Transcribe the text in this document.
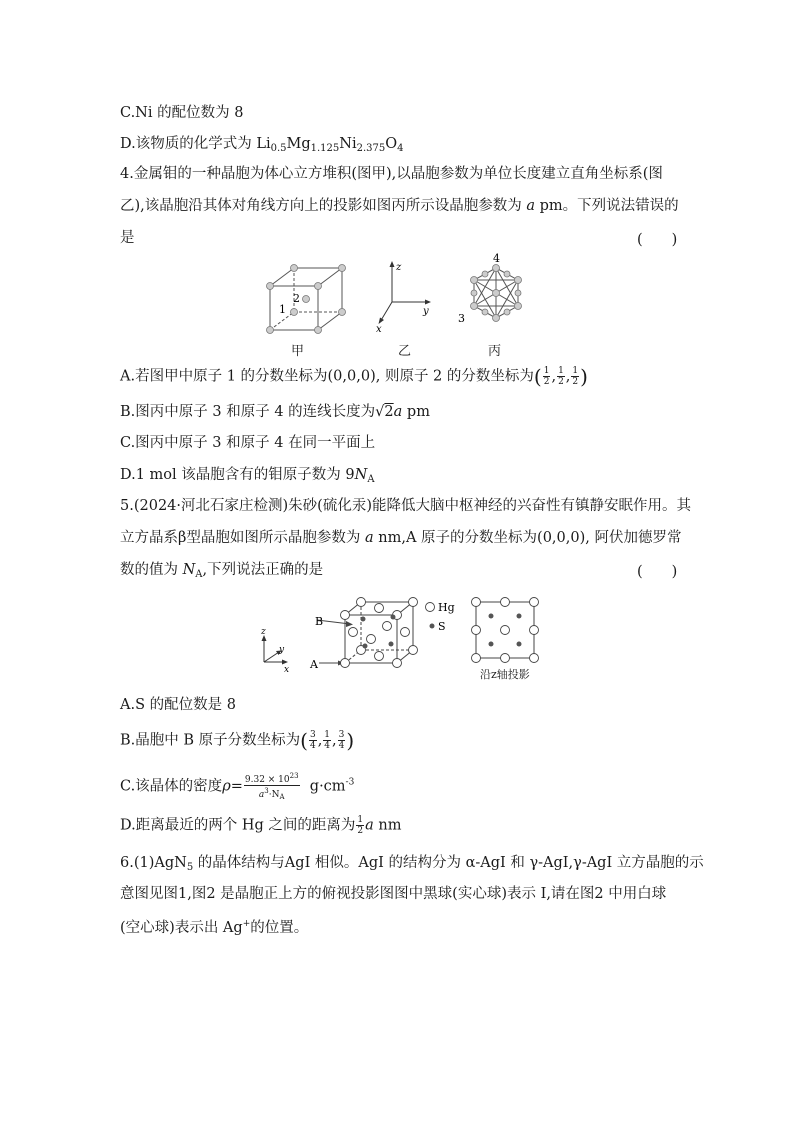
C.Ni 的配位数为 8
D.该物质的化学式为 $Li_{0.5}Mg_{1.125}Ni_{2.375}O_4$
4.金属钼的一种晶胞为体心立方堆积(图甲),以晶胞参数为单位长度建立直角坐标系(图
乙),该晶胞沿其体对角线方向上的投影如图丙所示设晶胞参数为 a pm。下列说法错误的
是	(　　)
1
2
甲
z
y
x
乙
4
3
丙
A.若图甲中原子 1 的分数坐标为(0,0,0), 则原子 2 的分数坐标为( $\frac{1}{2}$ , $\frac{1}{2}$ , $\frac{1}{2}$ )
B.图丙中原子 3 和原子 4 的连线长度为√2a pm
C.图丙中原子 3 和原子 4 在同一平面上
D.1 mol 该晶胞含有的钼原子数为 $9N_A$
5.(2024·河北石家庄检测)朱砂(硫化汞)能降低大脑中枢神经的兴奋性有镇静安眠作用。其
立方晶系β型晶胞如图所示晶胞参数为 a nm,A 原子的分数坐标为(0,0,0), 阿伏加德罗常
数的值为 $N_A$,下列说法正确的是	(　　)
z
y
x
B
A
Hg
S
沿z轴投影
A.S 的配位数是 8
B.晶胞中 B 原子分数坐标为( $\frac{3}{4}$ , $\frac{1}{4}$ , $\frac{3}{4}$ )
C.该晶体的密度$\rho= \frac{9.32 \times 10^{23}}{a^3\cdot N_A} g\cdot cm^{-3}$
D.距离最近的两个 Hg 之间的距离为 $\frac{1}{2}$ a nm
6.(1)AgN$_5$ 的晶体结构与AgI 相似。AgI 的结构分为 α-AgI 和 γ-AgI,γ-AgI 立方晶胞的示
意图见图1,图2 是晶胞正上方的俯视投影图图中黑球(实心球)表示 I,请在图2 中用白球
(空心球)表示出 Ag+的位置。
